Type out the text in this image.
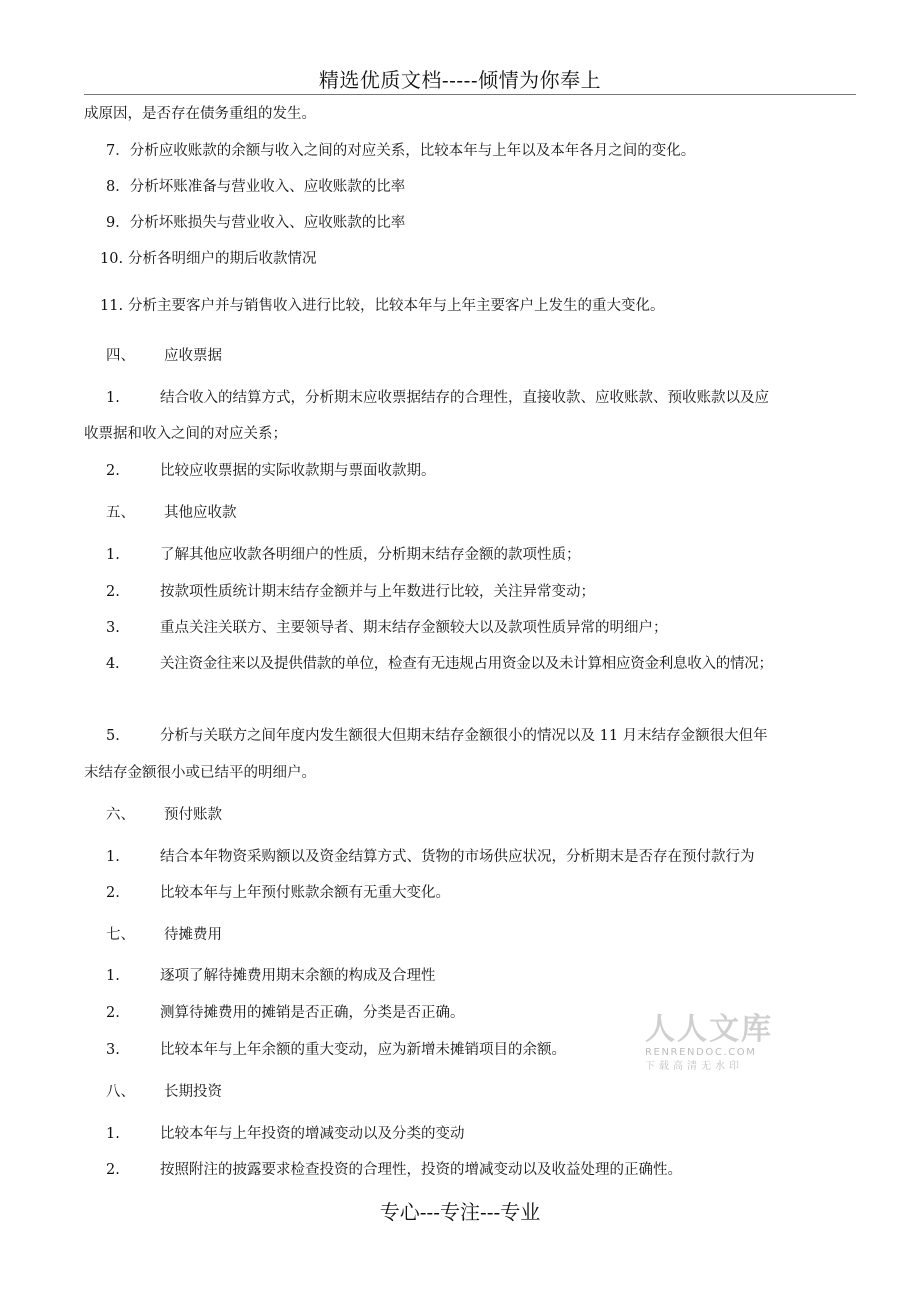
精选优质文档-----倾情为你奉上
成原因，是否存在债务重组的发生。
7．分析应收账款的余额与收入之间的对应关系，比较本年与上年以及本年各月之间的变化。
8．分析坏账准备与营业收入、应收账款的比率
9．分析坏账损失与营业收入、应收账款的比率
10. 分析各明细户的期后收款情况
11. 分析主要客户并与销售收入进行比较，比较本年与上年主要客户上发生的重大变化。
四、 应收票据
1.	结合收入的结算方式，分析期末应收票据结存的合理性，直接收款、应收账款、预收账款以及应
收票据和收入之间的对应关系；
2.	比较应收票据的实际收款期与票面收款期。
五、 其他应收款
1.	了解其他应收款各明细户的性质，分析期末结存金额的款项性质；
2.	按款项性质统计期末结存金额并与上年数进行比较，关注异常变动；
3.	重点关注关联方、主要领导者、期末结存金额较大以及款项性质异常的明细户；
4.	关注资金往来以及提供借款的单位，检查有无违规占用资金以及未计算相应资金利息收入的情况；
5.	分析与关联方之间年度内发生额很大但期末结存金额很小的情况以及 11 月末结存金额很大但年
末结存金额很小或已结平的明细户。
六、 预付账款
1.	结合本年物资采购额以及资金结算方式、货物的市场供应状况，分析期末是否存在预付款行为
2.	比较本年与上年预付账款余额有无重大变化。
七、 待摊费用
1.	逐项了解待摊费用期末余额的构成及合理性
2.	测算待摊费用的摊销是否正确，分类是否正确。
3.	比较本年与上年余额的重大变动，应为新增未摊销项目的余额。
八、 长期投资
1.	比较本年与上年投资的增减变动以及分类的变动
2.	按照附注的披露要求检查投资的合理性，投资的增减变动以及收益处理的正确性。
人人文库
RENRENDOC.COM
下载高清无水印
专心---专注---专业
